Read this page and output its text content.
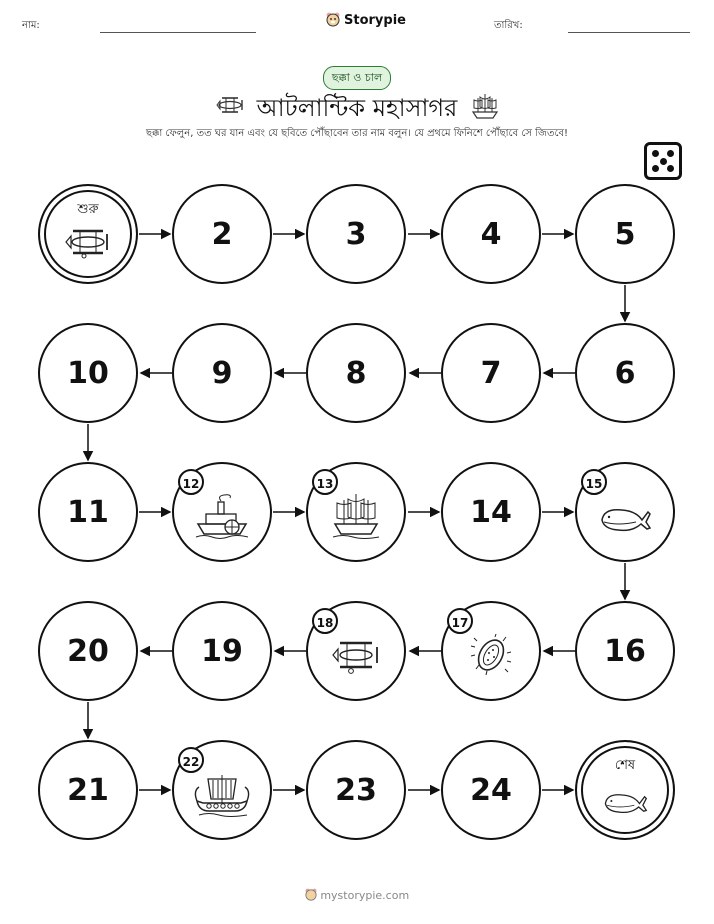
নাম:	Storypie	তারিখ:
ছক্কা ও চাল
আটলান্টিক মহাসাগর
ছক্কা ফেলুন, তত ঘর যান এবং যে ছবিতে পৌঁছাবেন তার নাম বলুন। যে প্রথমে ফিনিশে পৌঁছাবে সে জিতবে!
শুরু
2	3	4	5
10	9	8	7	6
11
12	13
14
15
20	19
18	17
16
21
22
23	24
শেষ
mystorypie.com
